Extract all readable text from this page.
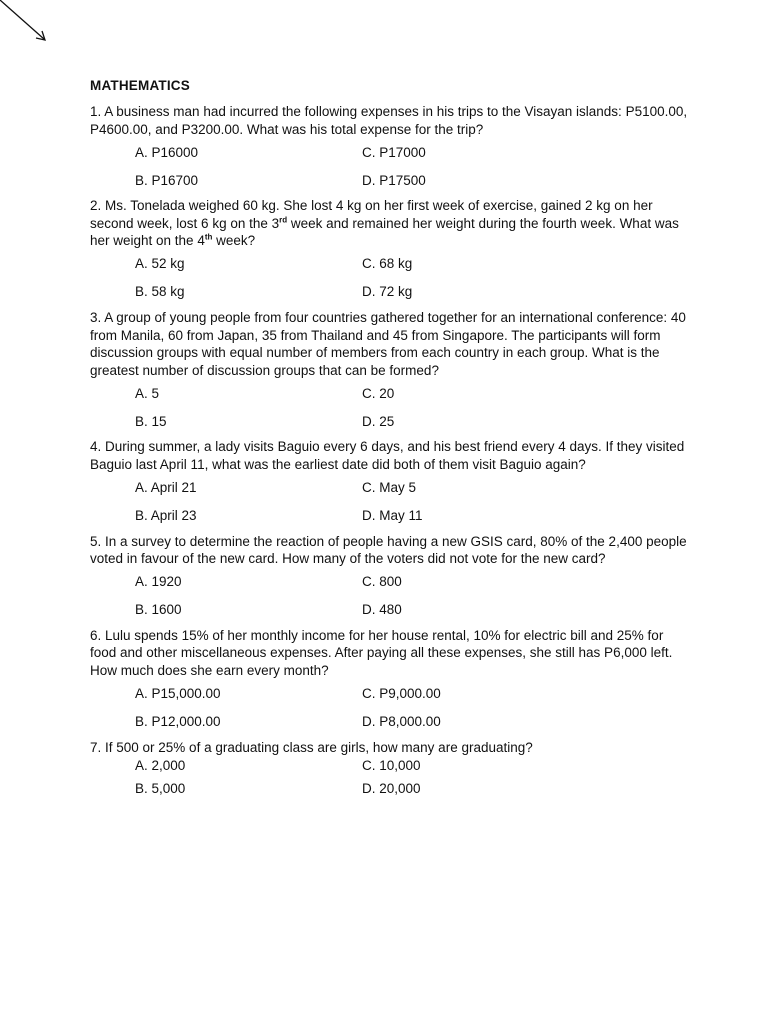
MATHEMATICS

1. A business man had incurred the following expenses in his trips to the Visayan islands: P5100.00, P4600.00, and P3200.00. What was his total expense for the trip?

A. P16000	C. P17000
B. P16700	D. P17500

2. Ms. Tonelada weighed 60 kg. She lost 4 kg on her first week of exercise, gained 2 kg on her second week, lost 6 kg on the 3rd week and remained her weight during the fourth week. What was her weight on the 4th week?

A. 52 kg	C. 68 kg
B. 58 kg	D. 72 kg

3. A group of young people from four countries gathered together for an international conference: 40 from Manila, 60 from Japan, 35 from Thailand and 45 from Singapore. The participants will form discussion groups with equal number of members from each country in each group. What is the greatest number of discussion groups that can be formed?

A. 5	C. 20
B. 15	D. 25

4. During summer, a lady visits Baguio every 6 days, and his best friend every 4 days. If they visited Baguio last April 11, what was the earliest date did both of them visit Baguio again?

A. April 21	C. May 5
B. April 23	D. May 11

5. In a survey to determine the reaction of people having a new GSIS card, 80% of the 2,400 people voted in favour of the new card. How many of the voters did not vote for the new card?

A. 1920	C. 800
B. 1600	D. 480

6. Lulu spends 15% of her monthly income for her house rental, 10% for electric bill and 25% for food and other miscellaneous expenses. After paying all these expenses, she still has P6,000 left. How much does she earn every month?

A. P15,000.00	C. P9,000.00
B. P12,000.00	D. P8,000.00

7. If 500 or 25% of a graduating class are girls, how many are graduating?

A. 2,000	C. 10,000
B. 5,000	D. 20,000
